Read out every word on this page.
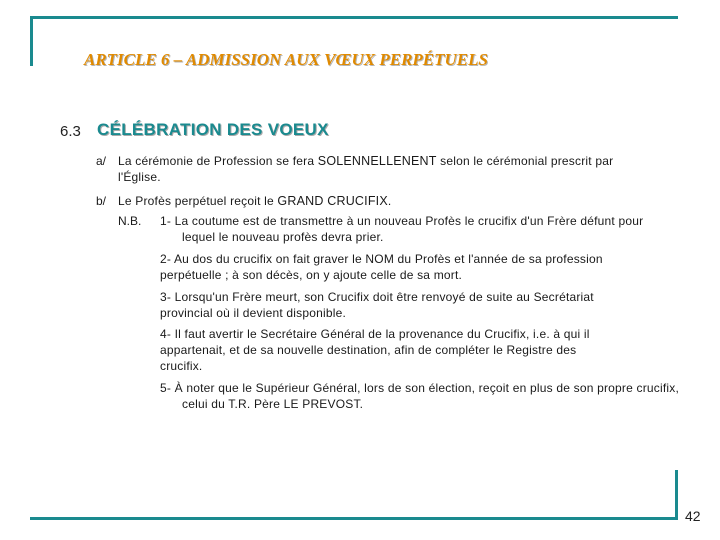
ARTICLE 6 – ADMISSION AUX VŒUX PERPÉTUELS
6.3 CÉLÉBRATION DES VOEUX
a/ La cérémonie de Profession se fera SOLENNELLENENT selon le cérémonial prescrit par l'Église.
b/ Le Profès perpétuel reçoit le GRAND CRUCIFIX.
N.B. 1- La coutume est de transmettre à un nouveau Profès le crucifix d'un Frère défunt pour lequel le nouveau profès devra prier.
2- Au dos du crucifix on fait graver le NOM du Profès et l'année de sa profession perpétuelle ; à son décès, on y ajoute celle de sa mort.
3- Lorsqu'un Frère meurt, son Crucifix doit être renvoyé de suite au Secrétariat provincial où il devient disponible.
4- Il faut avertir le Secrétaire Général de la provenance du Crucifix, i.e. à qui il appartenait, et de sa nouvelle destination, afin de compléter le Registre des crucifix.
5- À noter que le Supérieur Général, lors de son élection, reçoit en plus de son propre crucifix, celui du T.R. Père LE PREVOST.
42
